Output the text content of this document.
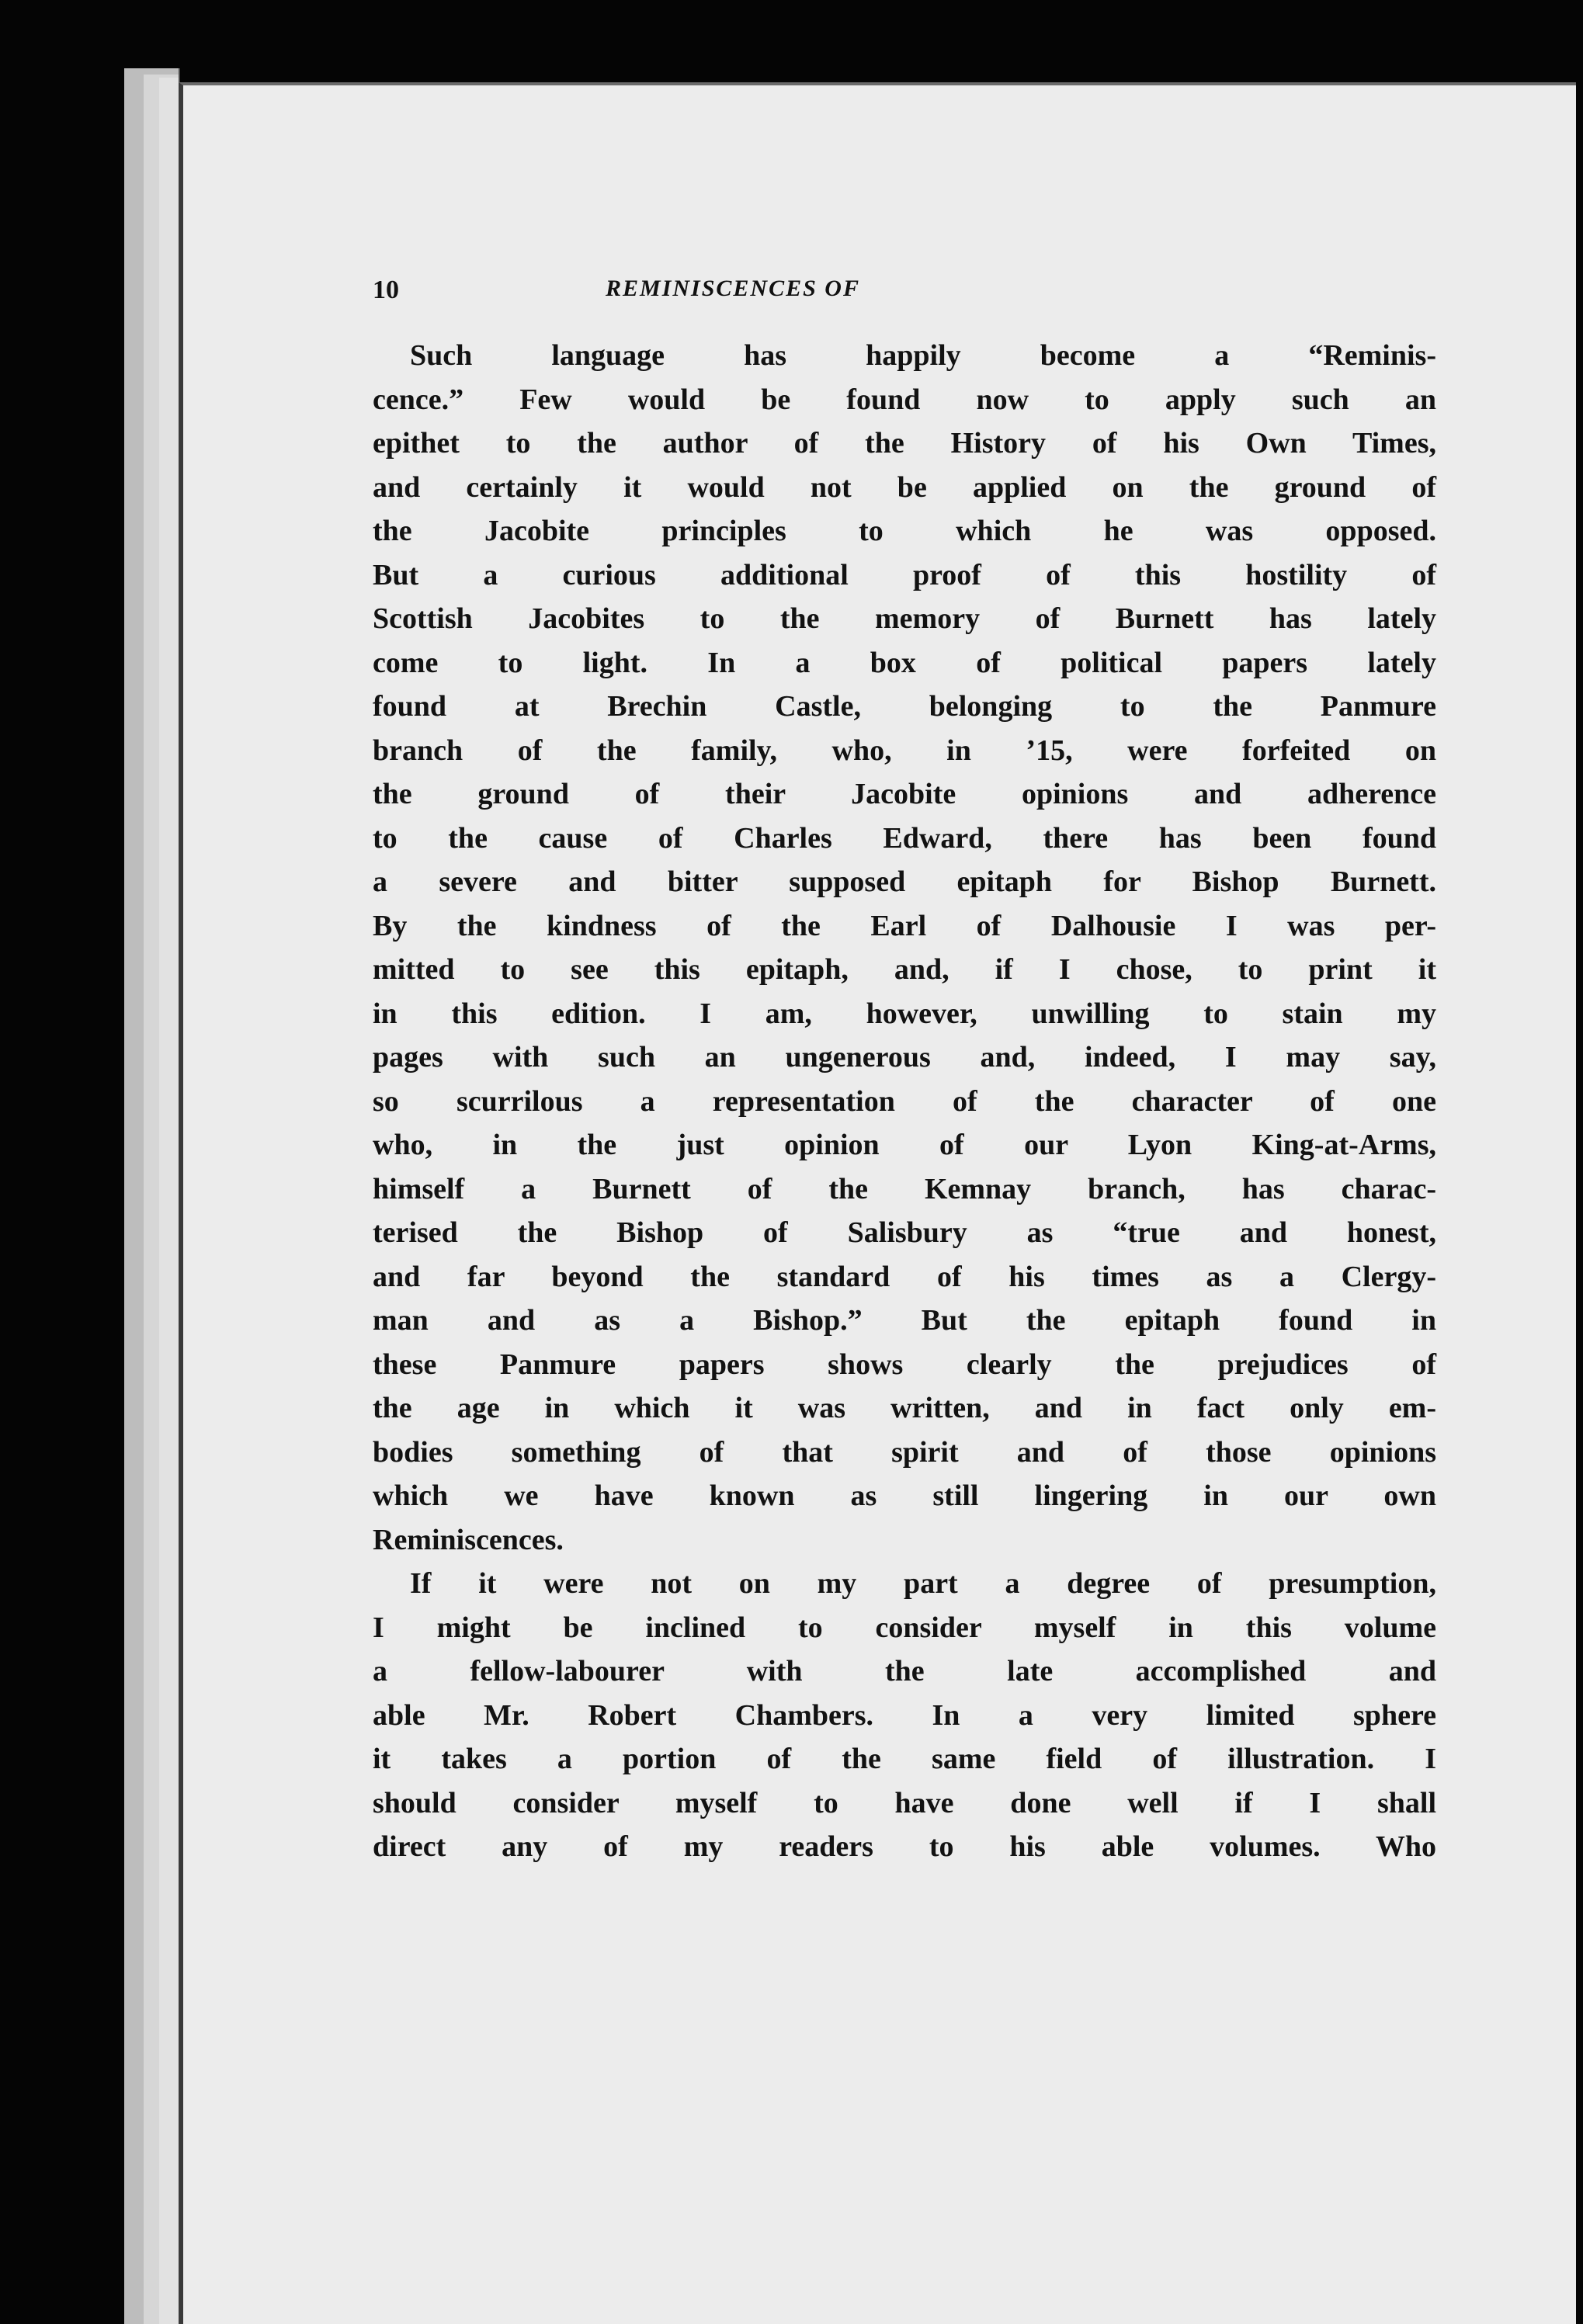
10	REMINISCENCES OF
Such language has happily become a “Reminis-
cence.” Few would be found now to apply such an
epithet to the author of the History of his Own Times,
and certainly it would not be applied on the ground of
the Jacobite principles to which he was opposed.
But a curious additional proof of this hostility of
Scottish Jacobites to the memory of Burnett has lately
come to light. In a box of political papers lately
found at Brechin Castle, belonging to the Panmure
branch of the family, who, in ’15, were forfeited on
the ground of their Jacobite opinions and adherence
to the cause of Charles Edward, there has been found
a severe and bitter supposed epitaph for Bishop Burnett.
By the kindness of the Earl of Dalhousie I was per-
mitted to see this epitaph, and, if I chose, to print it
in this edition. I am, however, unwilling to stain my
pages with such an ungenerous and, indeed, I may say,
so scurrilous a representation of the character of one
who, in the just opinion of our Lyon King-at-Arms,
himself a Burnett of the Kemnay branch, has charac-
terised the Bishop of Salisbury as “true and honest,
and far beyond the standard of his times as a Clergy-
man and as a Bishop.” But the epitaph found in
these Panmure papers shows clearly the prejudices of
the age in which it was written, and in fact only em-
bodies something of that spirit and of those opinions
which we have known as still lingering in our own
Reminiscences.
If it were not on my part a degree of presumption,
I might be inclined to consider myself in this volume
a fellow-labourer with the late accomplished and
able Mr. Robert Chambers. In a very limited sphere
it takes a portion of the same field of illustration. I
should consider myself to have done well if I shall
direct any of my readers to his able volumes. Who
